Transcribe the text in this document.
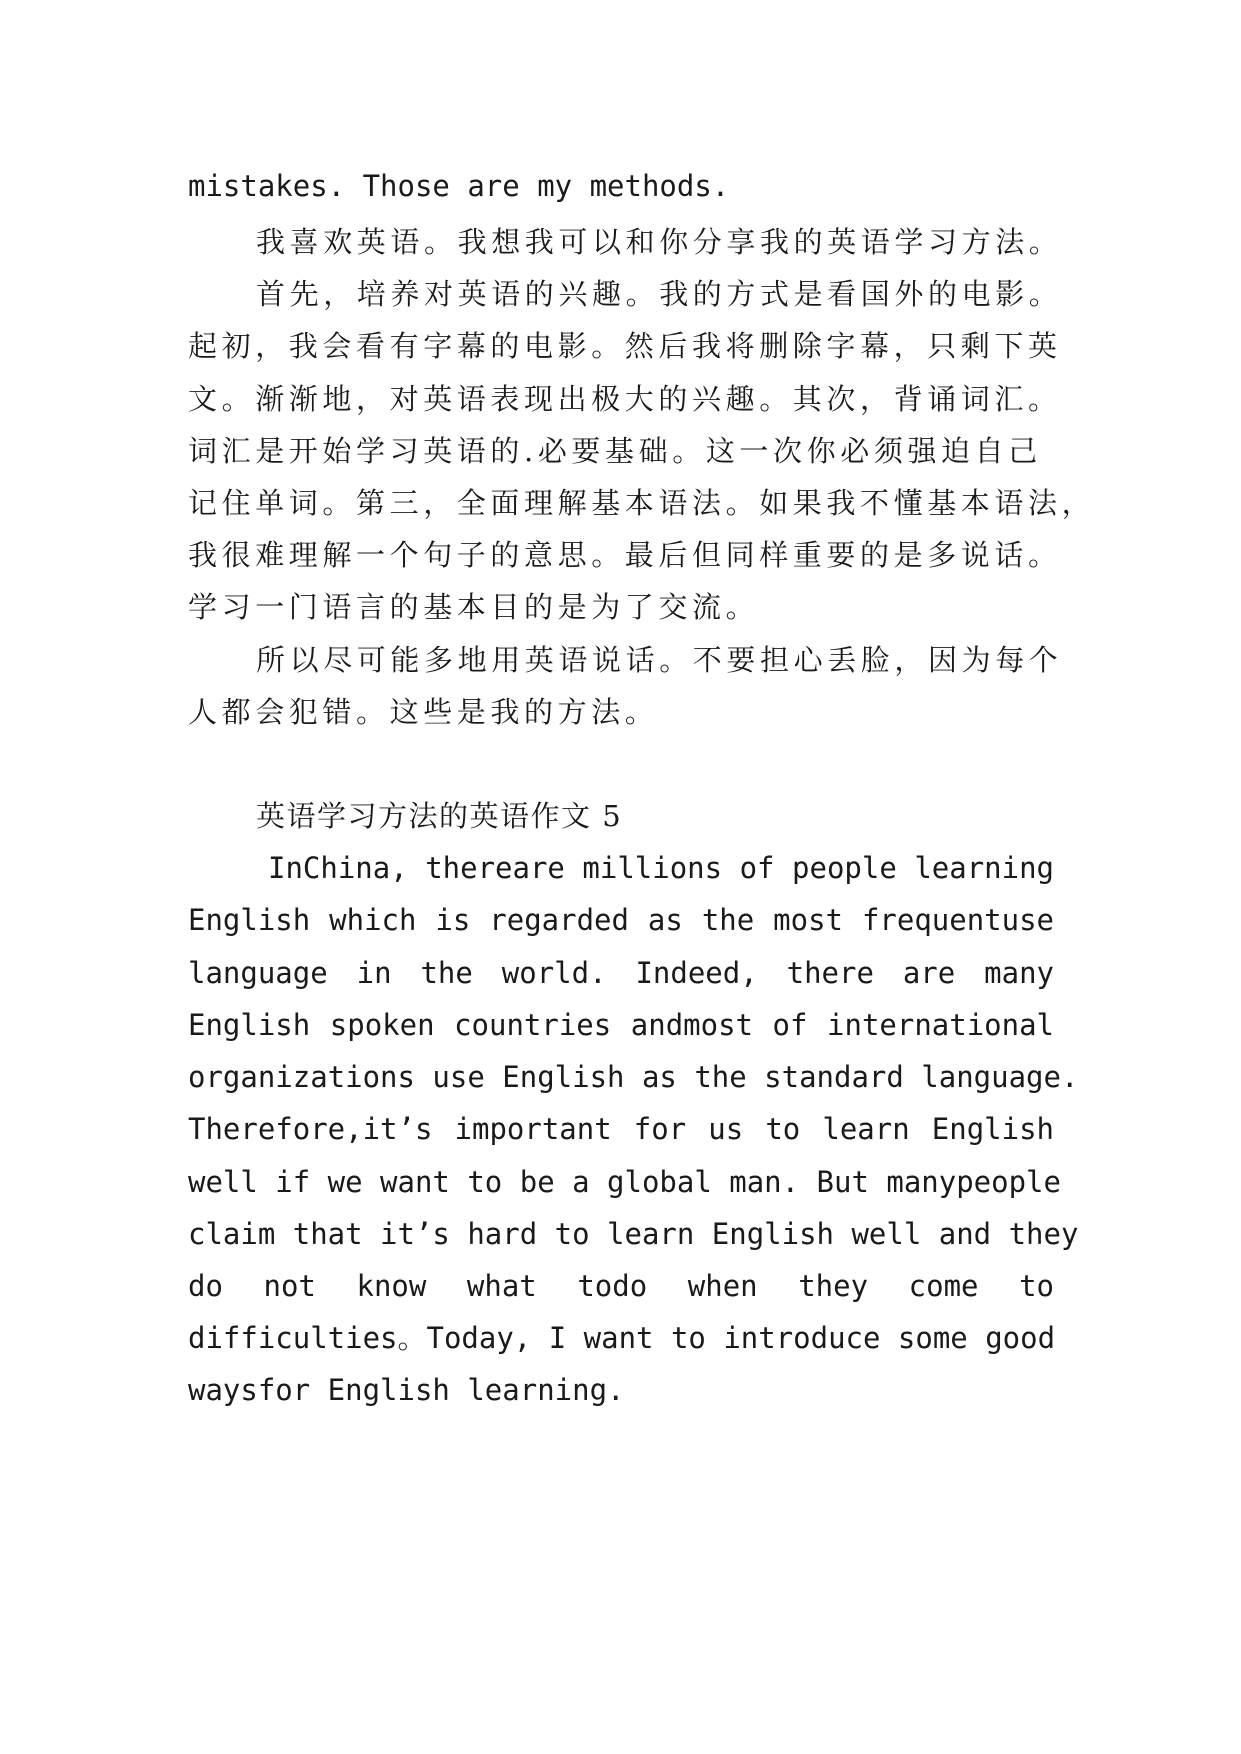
mistakes. Those are my methods.
我喜欢英语。我想我可以和你分享我的英语学习方法。
首先，培养对英语的兴趣。我的方式是看国外的电影。
起初，我会看有字幕的电影。然后我将删除字幕，只剩下英
文。渐渐地，对英语表现出极大的兴趣。其次，背诵词汇。
词汇是开始学习英语的.必要基础。这一次你必须强迫自己
记住单词。第三，全面理解基本语法。如果我不懂基本语法，
我很难理解一个句子的意思。最后但同样重要的是多说话。
学习一门语言的基本目的是为了交流。
所以尽可能多地用英语说话。不要担心丢脸，因为每个
人都会犯错。这些是我的方法。
英语学习方法的英语作文 5
InChina, thereare millions of people learning
English which is regarded as the most frequentuse
language in the world. Indeed, there are many
English spoken countries andmost of international
organizations use English as the standard language.
Therefore,it’s important for us to learn English
well if we want to be a global man. But manypeople
claim that it’s hard to learn English well and they
do not know what todo when they come to
difficulties。Today, I want to introduce some good
waysfor English learning.
